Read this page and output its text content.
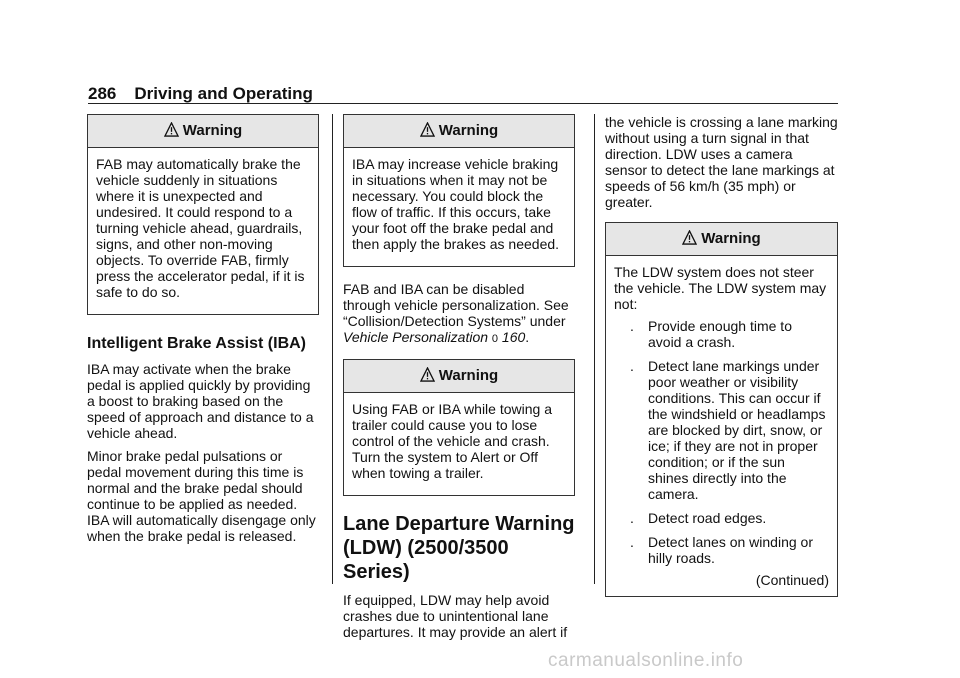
286 Driving and Operating
Warning

FAB may automatically brake the vehicle suddenly in situations where it is unexpected and undesired. It could respond to a turning vehicle ahead, guardrails, signs, and other non-moving objects. To override FAB, firmly press the accelerator pedal, if it is safe to do so.

Intelligent Brake Assist (IBA)

IBA may activate when the brake pedal is applied quickly by providing a boost to braking based on the speed of approach and distance to a vehicle ahead.

Minor brake pedal pulsations or pedal movement during this time is normal and the brake pedal should continue to be applied as needed. IBA will automatically disengage only when the brake pedal is released.

Warning

IBA may increase vehicle braking in situations when it may not be necessary. You could block the flow of traffic. If this occurs, take your foot off the brake pedal and then apply the brakes as needed.

FAB and IBA can be disabled through vehicle personalization. See “Collision/Detection Systems” under Vehicle Personalization 0 160.

Warning

Using FAB or IBA while towing a trailer could cause you to lose control of the vehicle and crash. Turn the system to Alert or Off when towing a trailer.

Lane Departure Warning (LDW) (2500/3500 Series)

If equipped, LDW may help avoid crashes due to unintentional lane departures. It may provide an alert if

the vehicle is crossing a lane marking without using a turn signal in that direction. LDW uses a camera sensor to detect the lane markings at speeds of 56 km/h (35 mph) or greater.

Warning

The LDW system does not steer the vehicle. The LDW system may not:

. Provide enough time to avoid a crash.
. Detect lane markings under poor weather or visibility conditions. This can occur if the windshield or headlamps are blocked by dirt, snow, or ice; if they are not in proper condition; or if the sun shines directly into the camera.
. Detect road edges.
. Detect lanes on winding or hilly roads.
(Continued)
carmanualsonline.info
